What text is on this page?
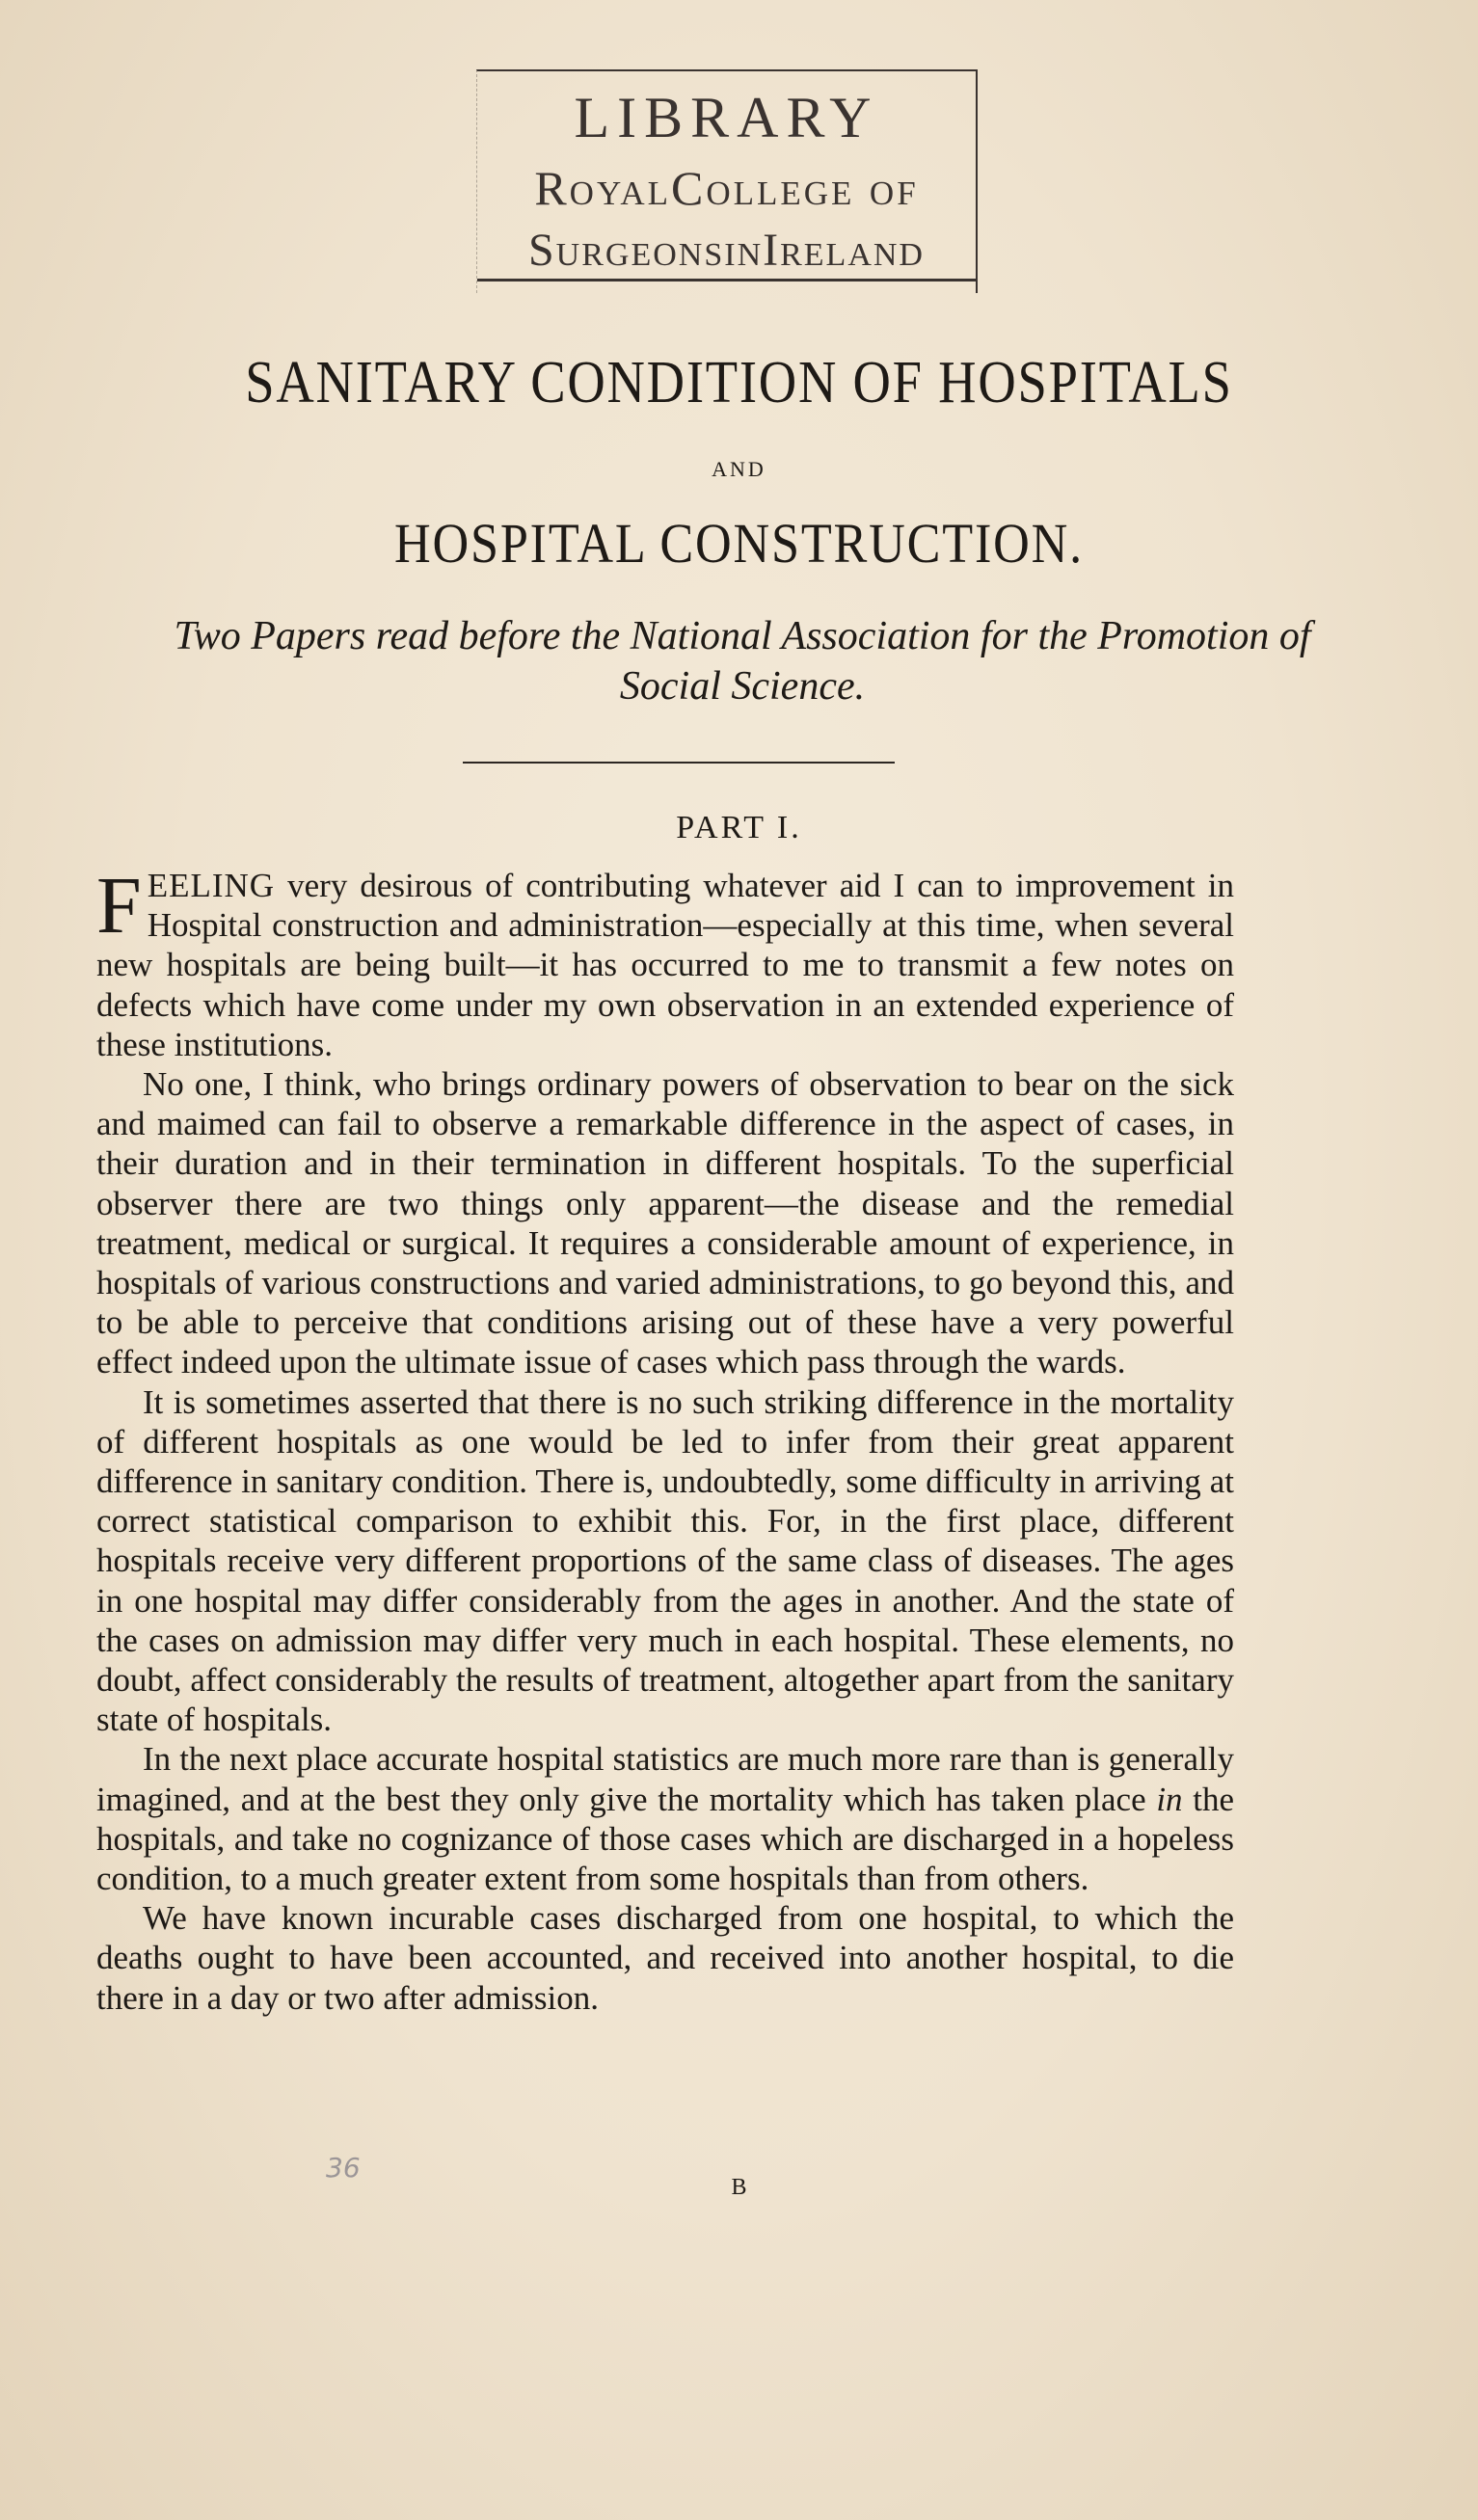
LIBRARY
RoyalCollege of
SurgeonsinIreland
SANITARY CONDITION OF HOSPITALS
AND
HOSPITAL CONSTRUCTION.
Two Papers read before the National Association for the Promotion of Social Science.
PART I.

FEELING very desirous of contributing whatever aid I can to improvement in Hospital construction and administration—especially at this time, when several new hospitals are being built—it has occurred to me to transmit a few notes on defects which have come under my own observation in an extended experience of these institutions.

No one, I think, who brings ordinary powers of observation to bear on the sick and maimed can fail to observe a remarkable difference in the aspect of cases, in their duration and in their termination in different hospitals. To the superficial observer there are two things only apparent—the disease and the remedial treatment, medical or surgical. It requires a considerable amount of experience, in hospitals of various constructions and varied administrations, to go beyond this, and to be able to perceive that conditions arising out of these have a very powerful effect indeed upon the ultimate issue of cases which pass through the wards.

It is sometimes asserted that there is no such striking difference in the mortality of different hospitals as one would be led to infer from their great apparent difference in sanitary condition. There is, undoubtedly, some difficulty in arriving at correct statistical comparison to exhibit this. For, in the first place, different hospitals receive very different proportions of the same class of diseases. The ages in one hospital may differ considerably from the ages in another. And the state of the cases on admission may differ very much in each hospital. These elements, no doubt, affect considerably the results of treatment, altogether apart from the sanitary state of hospitals.

In the next place accurate hospital statistics are much more rare than is generally imagined, and at the best they only give the mortality which has taken place in the hospitals, and take no cognizance of those cases which are discharged in a hopeless condition, to a much greater extent from some hospitals than from others.

We have known incurable cases discharged from one hospital, to which the deaths ought to have been accounted, and received into another hospital, to die there in a day or two after admission.

36
B
